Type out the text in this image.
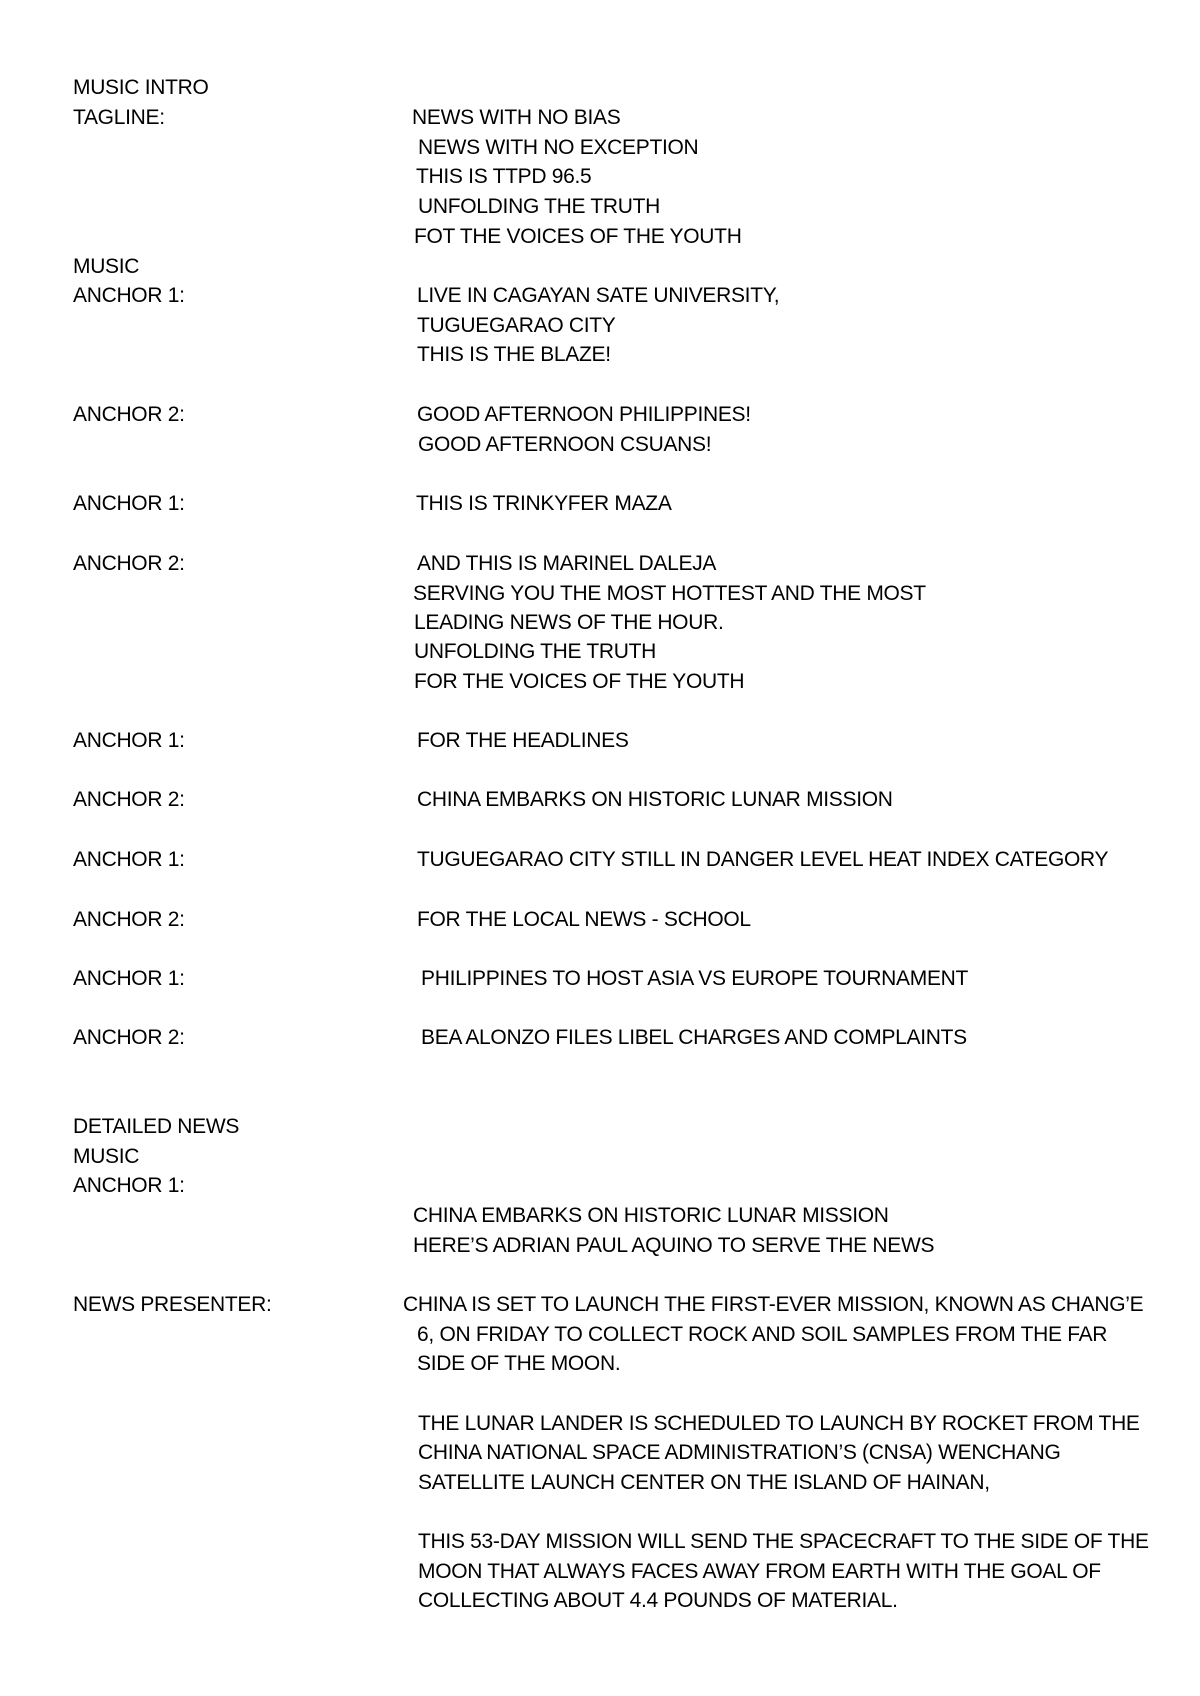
MUSIC INTRO
TAGLINE:	NEWS WITH NO BIAS
NEWS WITH NO EXCEPTION
THIS IS TTPD 96.5
UNFOLDING THE TRUTH
FOT THE VOICES OF THE YOUTH
MUSIC
ANCHOR 1:	LIVE IN CAGAYAN SATE UNIVERSITY,
TUGUEGARAO CITY
THIS IS THE BLAZE!
ANCHOR 2:	GOOD AFTERNOON PHILIPPINES!
GOOD AFTERNOON CSUANS!
ANCHOR 1:	THIS IS TRINKYFER MAZA
ANCHOR 2:	AND THIS IS MARINEL DALEJA
SERVING YOU THE MOST HOTTEST AND THE MOST
LEADING NEWS OF THE HOUR.
UNFOLDING THE TRUTH
FOR THE VOICES OF THE YOUTH
ANCHOR 1:	FOR THE HEADLINES
ANCHOR 2:	CHINA EMBARKS ON HISTORIC LUNAR MISSION
ANCHOR 1:	TUGUEGARAO CITY STILL IN DANGER LEVEL HEAT INDEX CATEGORY
ANCHOR 2:	FOR THE LOCAL NEWS - SCHOOL
ANCHOR 1:	PHILIPPINES TO HOST ASIA VS EUROPE TOURNAMENT
ANCHOR 2:	BEA ALONZO FILES LIBEL CHARGES AND COMPLAINTS
DETAILED NEWS
MUSIC
ANCHOR 1:
CHINA EMBARKS ON HISTORIC LUNAR MISSION
HERE’S ADRIAN PAUL AQUINO TO SERVE THE NEWS
NEWS PRESENTER:	CHINA IS SET TO LAUNCH THE FIRST-EVER MISSION, KNOWN AS CHANG’E
6, ON FRIDAY TO COLLECT ROCK AND SOIL SAMPLES FROM THE FAR
SIDE OF THE MOON.
THE LUNAR LANDER IS SCHEDULED TO LAUNCH BY ROCKET FROM THE
CHINA NATIONAL SPACE ADMINISTRATION’S (CNSA) WENCHANG
SATELLITE LAUNCH CENTER ON THE ISLAND OF HAINAN,
THIS 53-DAY MISSION WILL SEND THE SPACECRAFT TO THE SIDE OF THE
MOON THAT ALWAYS FACES AWAY FROM EARTH WITH THE GOAL OF
COLLECTING ABOUT 4.4 POUNDS OF MATERIAL.
